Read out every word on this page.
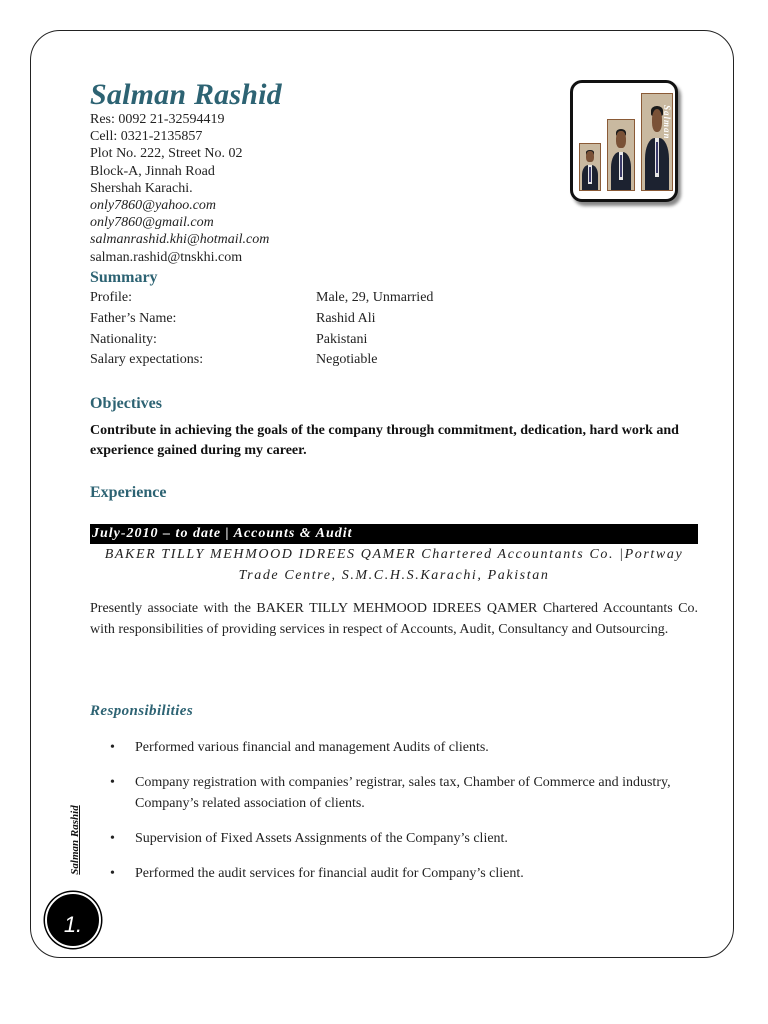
Salman Rashid
Res: 0092 21-32594419
Cell: 0321-2135857
Plot No. 222, Street No. 02
Block-A, Jinnah Road
Shershah Karachi.
only7860@yahoo.com
only7860@gmail.com
salmanrashid.khi@hotmail.com
salman.rashid@tnskhi.com
Salman
Summary
Profile:	Male, 29, Unmarried
Father’s Name:	Rashid Ali
Nationality:	Pakistani
Salary expectations:	Negotiable
Objectives

Contribute in achieving the goals of the company through commitment, dedication, hard work and experience gained during my career.

Experience
July-2010 – to date | Accounts & Audit

BAKER TILLY MEHMOOD IDREES QAMER Chartered Accountants Co. |Portway Trade Centre, S.M.C.H.S.Karachi, Pakistan

Presently associate with the BAKER TILLY MEHMOOD IDREES QAMER Chartered Accountants Co. with responsibilities of providing services in respect of Accounts, Audit, Consultancy and Outsourcing.

Responsibilities
• Performed various financial and management Audits of clients.
• Company registration with companies’ registrar, sales tax, Chamber of Commerce and industry, Company’s related association of clients.
• Supervision of Fixed Assets Assignments of the Company’s client.
• Performed the audit services for financial audit for Company’s client.
Salman Rashid
1.
